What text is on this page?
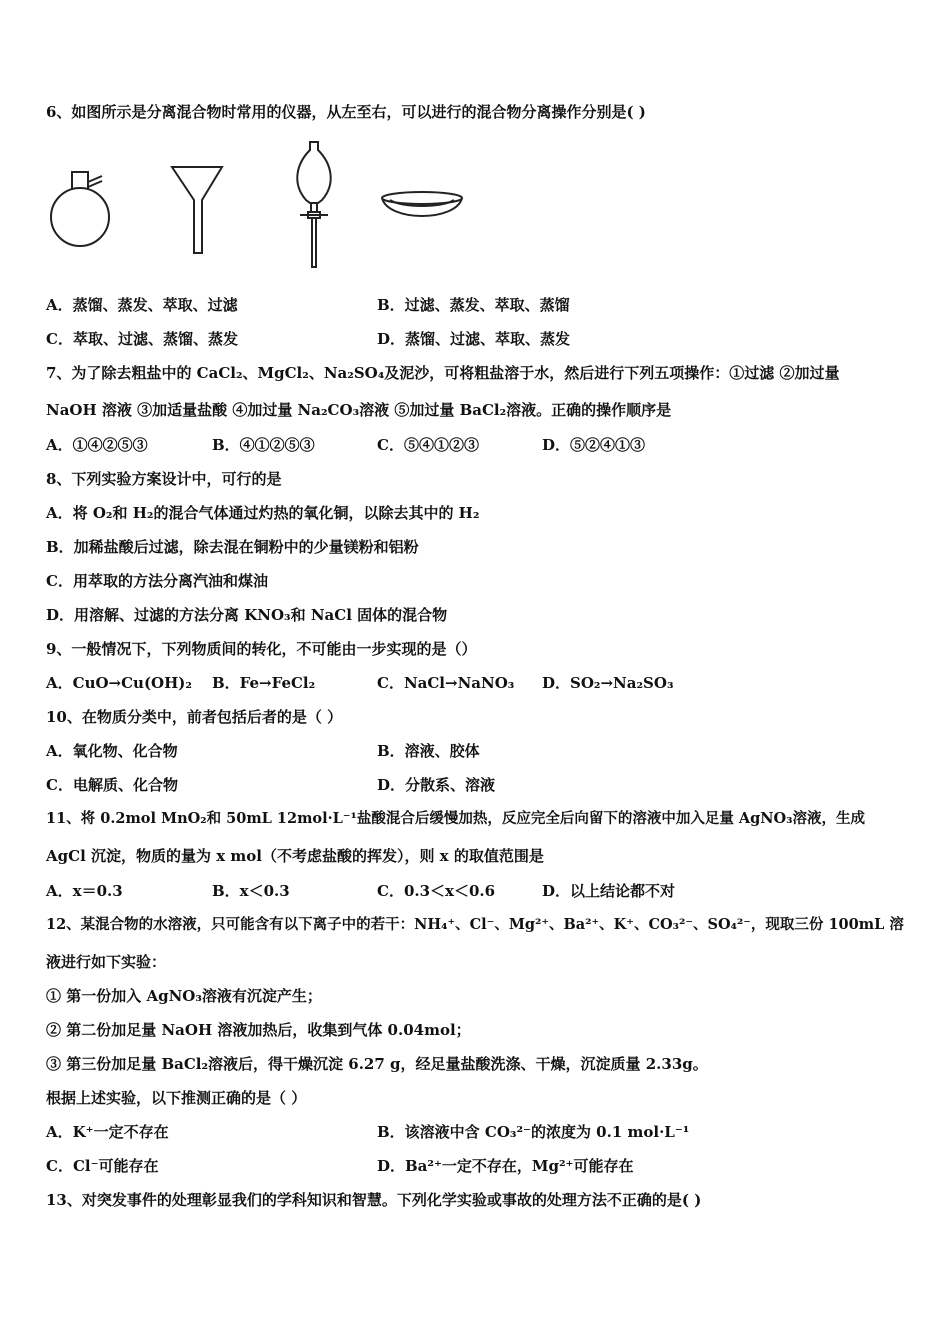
6、如图所示是分离混合物时常用的仪器，从左至右，可以进行的混合物分离操作分别是( )
A．蒸馏、蒸发、萃取、过滤	B．过滤、蒸发、萃取、蒸馏
C．萃取、过滤、蒸馏、蒸发	D．蒸馏、过滤、萃取、蒸发
7、为了除去粗盐中的 CaCl₂、MgCl₂、Na₂SO₄及泥沙，可将粗盐溶于水，然后进行下列五项操作：①过滤 ②加过量
NaOH 溶液 ③加适量盐酸 ④加过量 Na₂CO₃溶液 ⑤加过量 BaCl₂溶液。正确的操作顺序是
A．①④②⑤③	B．④①②⑤③	C．⑤④①②③	D．⑤②④①③
8、下列实验方案设计中，可行的是
A．将 O₂和 H₂的混合气体通过灼热的氧化铜，以除去其中的 H₂
B．加稀盐酸后过滤，除去混在铜粉中的少量镁粉和铝粉
C．用萃取的方法分离汽油和煤油
D．用溶解、过滤的方法分离 KNO₃和 NaCl 固体的混合物
9、一般情况下，下列物质间的转化，不可能由一步实现的是（）
A．CuO→Cu(OH)₂ B．Fe→FeCl₂	C．NaCl→NaNO₃ D．SO₂→Na₂SO₃
10、在物质分类中，前者包括后者的是（ ）
A．氧化物、化合物	B．溶液、胶体
C．电解质、化合物	D．分散系、溶液
11、将 0.2mol MnO₂和 50mL 12mol·L⁻¹盐酸混合后缓慢加热，反应完全后向留下的溶液中加入足量 AgNO₃溶液，生成
AgCl 沉淀，物质的量为 x mol（不考虑盐酸的挥发），则 x 的取值范围是
A．x＝0.3	B．x＜0.3	C．0.3＜x＜0.6	D．以上结论都不对
12、某混合物的水溶液，只可能含有以下离子中的若干：NH₄⁺、Cl⁻、Mg²⁺、Ba²⁺、K⁺、CO₃²⁻、SO₄²⁻，现取三份 100mL 溶
液进行如下实验：
① 第一份加入 AgNO₃溶液有沉淀产生；
② 第二份加足量 NaOH 溶液加热后，收集到气体 0.04mol；
③ 第三份加足量 BaCl₂溶液后，得干燥沉淀 6.27 g，经足量盐酸洗涤、干燥，沉淀质量 2.33g。
根据上述实验，以下推测正确的是（ ）
A．K⁺一定不存在	B．该溶液中含 CO₃²⁻的浓度为 0.1 mol·L⁻¹
C．Cl⁻可能存在	D．Ba²⁺一定不存在，Mg²⁺可能存在
13、对突发事件的处理彰显我们的学科知识和智慧。下列化学实验或事故的处理方法不正确的是( )
